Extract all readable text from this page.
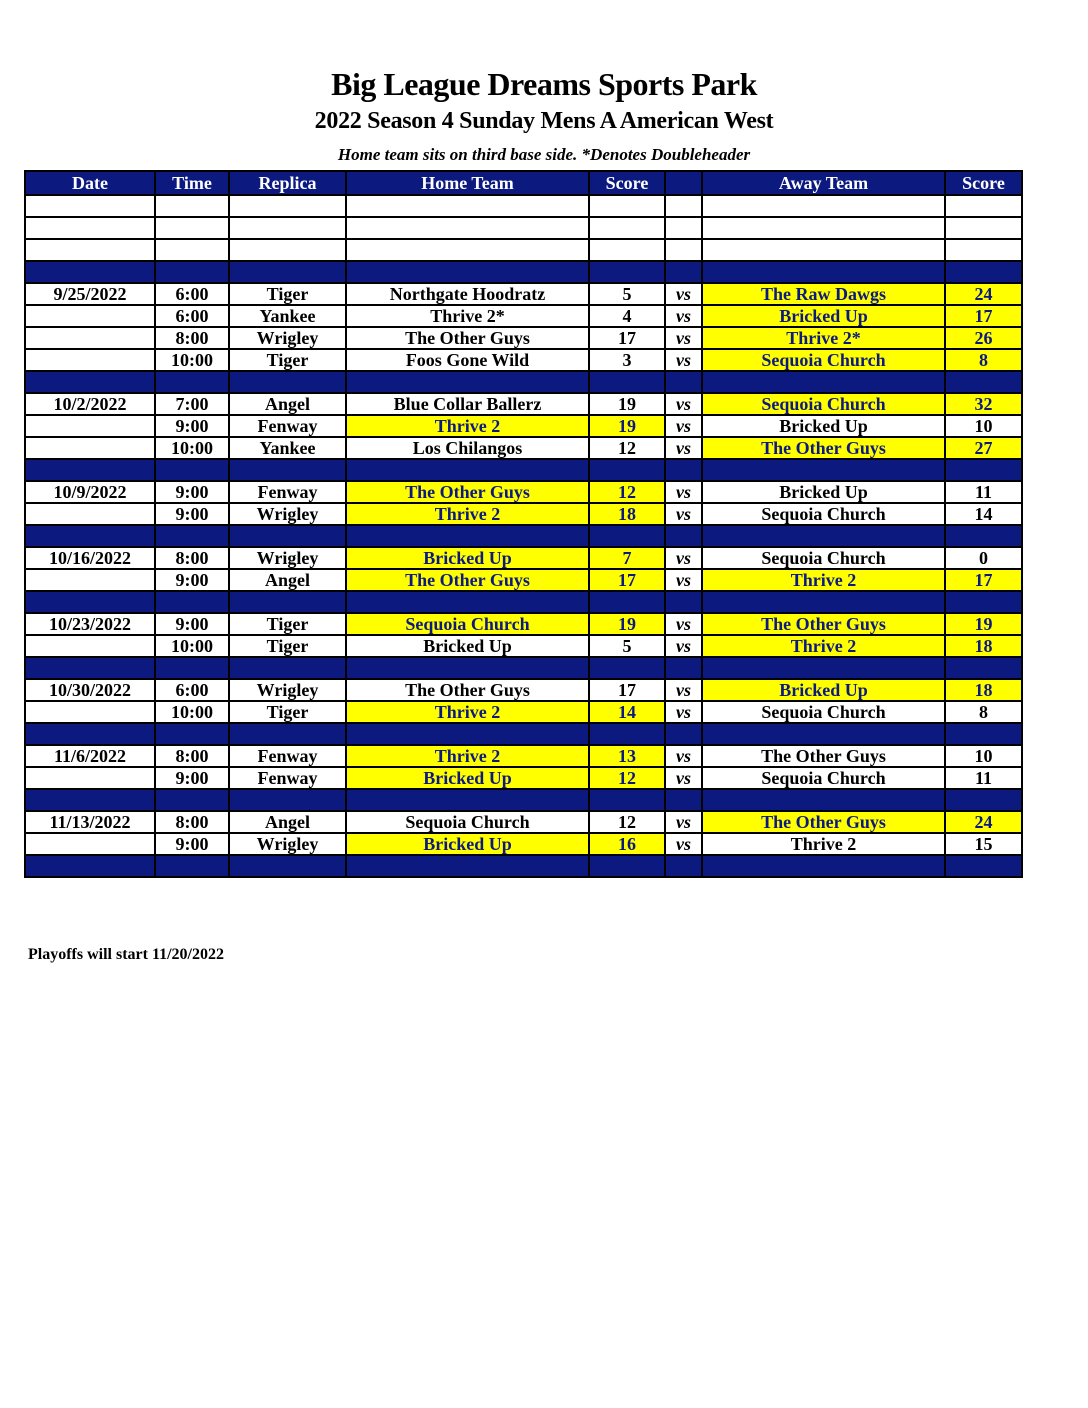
Big League Dreams Sports Park
2022 Season 4 Sunday Mens A American West
Home team sits on third base side. *Denotes Doubleheader
Date	Time	Replica	Home Team	Score		Away Team	Score

9/25/2022	6:00	Tiger	Northgate Hoodratz	5	vs	The Raw Dawgs	24
	6:00	Yankee	Thrive 2*	4	vs	Bricked Up	17
	8:00	Wrigley	The Other Guys	17	vs	Thrive 2*	26
	10:00	Tiger	Foos Gone Wild	3	vs	Sequoia Church	8

10/2/2022	7:00	Angel	Blue Collar Ballerz	19	vs	Sequoia Church	32
	9:00	Fenway	Thrive 2	19	vs	Bricked Up	10
	10:00	Yankee	Los Chilangos	12	vs	The Other Guys	27

10/9/2022	9:00	Fenway	The Other Guys	12	vs	Bricked Up	11
	9:00	Wrigley	Thrive 2	18	vs	Sequoia Church	14

10/16/2022	8:00	Wrigley	Bricked Up	7	vs	Sequoia Church	0
	9:00	Angel	The Other Guys	17	vs	Thrive 2	17

10/23/2022	9:00	Tiger	Sequoia Church	19	vs	The Other Guys	19
	10:00	Tiger	Bricked Up	5	vs	Thrive 2	18

10/30/2022	6:00	Wrigley	The Other Guys	17	vs	Bricked Up	18
	10:00	Tiger	Thrive 2	14	vs	Sequoia Church	8

11/6/2022	8:00	Fenway	Thrive 2	13	vs	The Other Guys	10
	9:00	Fenway	Bricked Up	12	vs	Sequoia Church	11

11/13/2022	8:00	Angel	Sequoia Church	12	vs	The Other Guys	24
	9:00	Wrigley	Bricked Up	16	vs	Thrive 2	15

Playoffs will start 11/20/2022
